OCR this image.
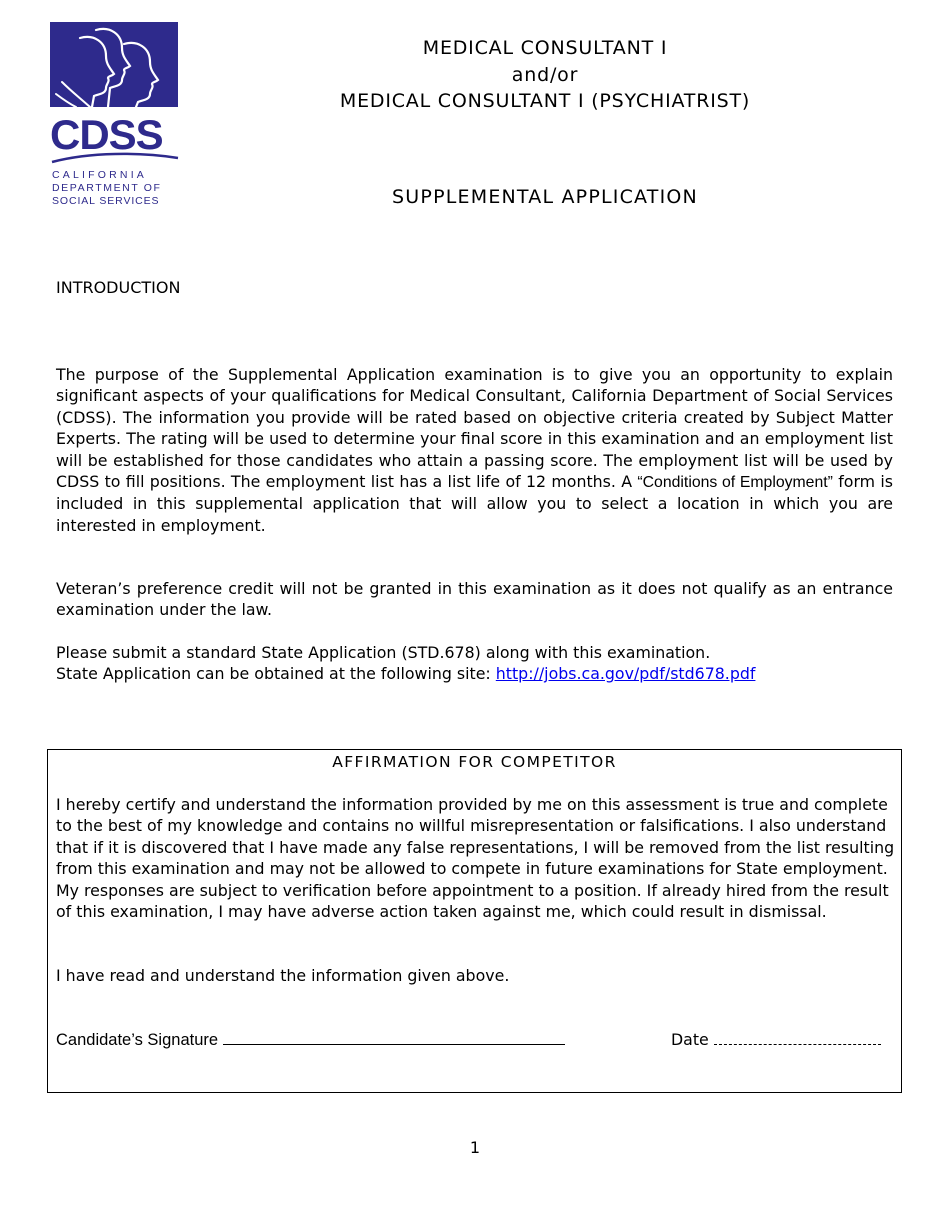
CDSS
CALIFORNIA
DEPARTMENT OF
SOCIAL SERVICES
MEDICAL CONSULTANT I
and/or
MEDICAL CONSULTANT I (PSYCHIATRIST)
SUPPLEMENTAL APPLICATION
INTRODUCTION
The purpose of the Supplemental Application examination is to give you an opportunity to explain significant aspects of your qualifications for Medical Consultant, California Department of Social Services (CDSS). The information you provide will be rated based on objective criteria created by Subject Matter Experts. The rating will be used to determine your final score in this examination and an employment list will be established for those candidates who attain a passing score. The employment list will be used by CDSS to fill positions. The employment list has a list life of 12 months. A “Conditions of Employment” form is included in this supplemental application that will allow you to select a location in which you are interested in employment.
Veteran’s preference credit will not be granted in this examination as it does not qualify as an entrance examination under the law.
Please submit a standard State Application (STD.678) along with this examination.
State Application can be obtained at the following site: http://jobs.ca.gov/pdf/std678.pdf
AFFIRMATION FOR COMPETITOR
I hereby certify and understand the information provided by me on this assessment is true and complete to the best of my knowledge and contains no willful misrepresentation or falsifications. I also understand that if it is discovered that I have made any false representations, I will be removed from the list resulting from this examination and may not be allowed to compete in future examinations for State employment. My responses are subject to verification before appointment to a position. If already hired from the result of this examination, I may have adverse action taken against me, which could result in dismissal.
I have read and understand the information given above.
Candidate’s Signature	Date
1
